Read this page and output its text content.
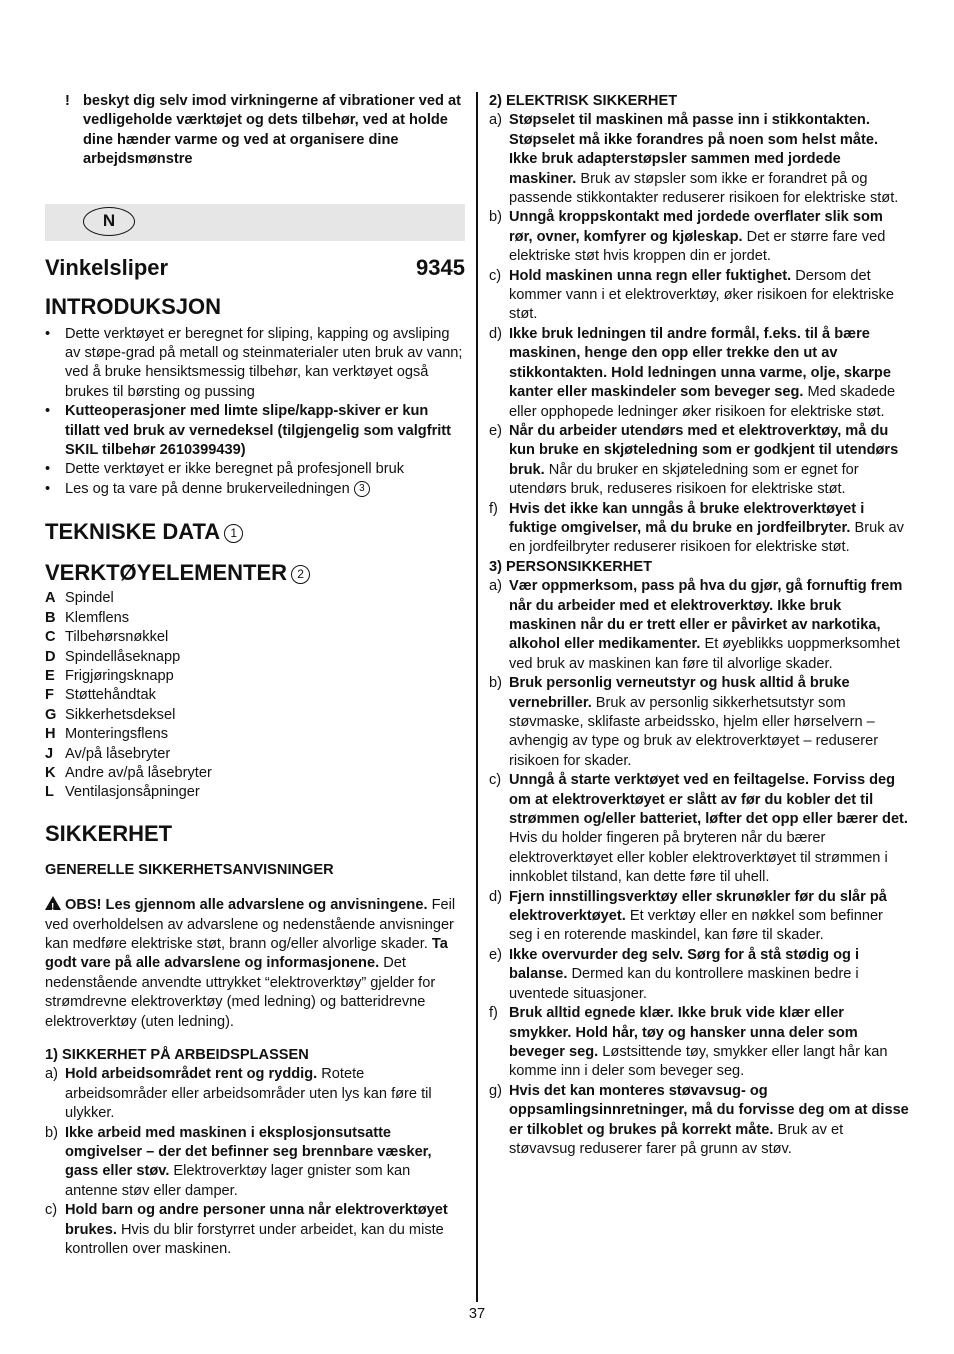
! beskyt dig selv imod virkningerne af vibrationer ved at vedligeholde værktøjet og dets tilbehør, ved at holde dine hænder varme og ved at organisere dine arbejdsmønstre
N
Vinkelsliper	9345
INTRODUKSJON
•	Dette verktøyet er beregnet for sliping, kapping og avsliping av støpe-grad på metall og steinmaterialer uten bruk av vann; ved å bruke hensiktsmessig tilbehør, kan verktøyet også brukes til børsting og pussing
•	Kutteoperasjoner med limte slipe/kapp-skiver er kun tillatt ved bruk av vernedeksel (tilgjengelig som valgfritt SKIL tilbehør 2610399439)
•	Dette verktøyet er ikke beregnet på profesjonell bruk
•	Les og ta vare på denne brukerveiledningen 3
TEKNISKE DATA 1
VERKTØYELEMENTER 2
A Spindel
B Klemflens
C Tilbehørsnøkkel
D Spindellåseknapp
E Frigjøringsknapp
F Støttehåndtak
G Sikkerhetsdeksel
H Monteringsflens
J Av/på låsebryter
K Andre av/på låsebryter
L Ventilasjonsåpninger
SIKKERHET
GENERELLE SIKKERHETSANVISNINGER
!OBS! Les gjennom alle advarslene og anvisningene. Feil ved overholdelsen av advarslene og nedenstående anvisninger kan medføre elektriske støt, brann og/eller alvorlige skader. Ta godt vare på alle advarslene og informasjonene. Det nedenstående anvendte uttrykket “elektroverktøy” gjelder for strømdrevne elektroverktøy (med ledning) og batteridrevne elektroverktøy (uten ledning).
1) SIKKERHET PÅ ARBEIDSPLASSEN
a) Hold arbeidsområdet rent og ryddig. Rotete arbeidsområder eller arbeidsområder uten lys kan føre til ulykker.
b) Ikke arbeid med maskinen i eksplosjonsutsatte omgivelser – der det befinner seg brennbare væsker, gass eller støv. Elektroverktøy lager gnister som kan antenne støv eller damper.
c) Hold barn og andre personer unna når elektroverktøyet brukes. Hvis du blir forstyrret under arbeidet, kan du miste kontrollen over maskinen.
2) ELEKTRISK SIKKERHET
a) Støpselet til maskinen må passe inn i stikkontakten. Støpselet må ikke forandres på noen som helst måte. Ikke bruk adapterstøpsler sammen med jordede maskiner. Bruk av støpsler som ikke er forandret på og passende stikkontakter reduserer risikoen for elektriske støt.
b) Unngå kroppskontakt med jordede overflater slik som rør, ovner, komfyrer og kjøleskap. Det er større fare ved elektriske støt hvis kroppen din er jordet.
c) Hold maskinen unna regn eller fuktighet. Dersom det kommer vann i et elektroverktøy, øker risikoen for elektriske støt.
d) Ikke bruk ledningen til andre formål, f.eks. til å bære maskinen, henge den opp eller trekke den ut av stikkontakten. Hold ledningen unna varme, olje, skarpe kanter eller maskindeler som beveger seg. Med skadede eller opphopede ledninger øker risikoen for elektriske støt.
e) Når du arbeider utendørs med et elektroverktøy, må du kun bruke en skjøteledning som er godkjent til utendørs bruk. Når du bruker en skjøteledning som er egnet for utendørs bruk, reduseres risikoen for elektriske støt.
f) Hvis det ikke kan unngås å bruke elektroverktøyet i fuktige omgivelser, må du bruke en jordfeilbryter. Bruk av en jordfeilbryter reduserer risikoen for elektriske støt.
3) PERSONSIKKERHET
a) Vær oppmerksom, pass på hva du gjør, gå fornuftig frem når du arbeider med et elektroverktøy. Ikke bruk maskinen når du er trett eller er påvirket av narkotika, alkohol eller medikamenter. Et øyeblikks uoppmerksomhet ved bruk av maskinen kan føre til alvorlige skader.
b) Bruk personlig verneutstyr og husk alltid å bruke vernebriller. Bruk av personlig sikkerhetsutstyr som støvmaske, sklifaste arbeidssko, hjelm eller hørselvern – avhengig av type og bruk av elektroverktøyet – reduserer risikoen for skader.
c) Unngå å starte verktøyet ved en feiltagelse. Forviss deg om at elektroverktøyet er slått av før du kobler det til strømmen og/eller batteriet, løfter det opp eller bærer det. Hvis du holder fingeren på bryteren når du bærer elektroverktøyet eller kobler elektroverktøyet til strømmen i innkoblet tilstand, kan dette føre til uhell.
d) Fjern innstillingsverktøy eller skrunøkler før du slår på elektroverktøyet. Et verktøy eller en nøkkel som befinner seg i en roterende maskindel, kan føre til skader.
e) Ikke overvurder deg selv. Sørg for å stå stødig og i balanse. Dermed kan du kontrollere maskinen bedre i uventede situasjoner.
f) Bruk alltid egnede klær. Ikke bruk vide klær eller smykker. Hold hår, tøy og hansker unna deler som beveger seg. Løstsittende tøy, smykker eller langt hår kan komme inn i deler som beveger seg.
g) Hvis det kan monteres støvavsug- og oppsamlingsinnretninger, må du forvisse deg om at disse er tilkoblet og brukes på korrekt måte. Bruk av et støvavsug reduserer farer på grunn av støv.
37
